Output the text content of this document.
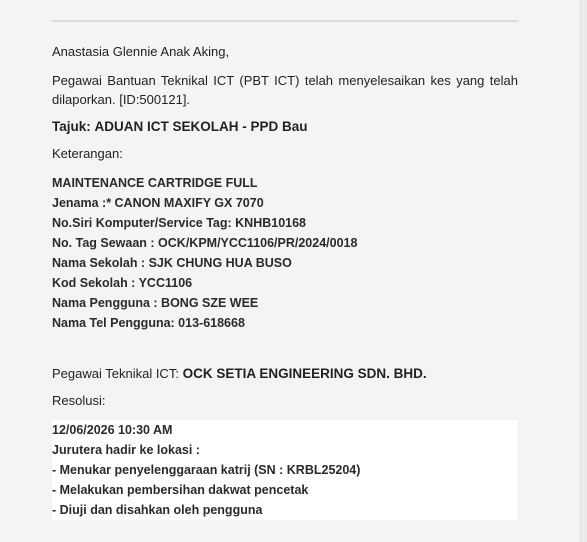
Anastasia Glennie Anak Aking,
Pegawai Bantuan Teknikal ICT (PBT ICT) telah menyelesaikan kes yang telah dilaporkan. [ID:500121].
Tajuk: ADUAN ICT SEKOLAH - PPD Bau
Keterangan:
MAINTENANCE CARTRIDGE FULL
Jenama :* CANON MAXIFY GX 7070
No.Siri Komputer/Service Tag: KNHB10168
No. Tag Sewaan : OCK/KPM/YCC1106/PR/2024/0018
Nama Sekolah : SJK CHUNG HUA BUSO
Kod Sekolah : YCC1106
Nama Pengguna : BONG SZE WEE
Nama Tel Pengguna: 013-618668
Pegawai Teknikal ICT: OCK SETIA ENGINEERING SDN. BHD.
Resolusi:
12/06/2026 10:30 AM
Jurutera hadir ke lokasi :
- Menukar penyelenggaraan katrij (SN : KRBL25204)
- Melakukan pembersihan dakwat pencetak
- Diuji dan disahkan oleh pengguna
